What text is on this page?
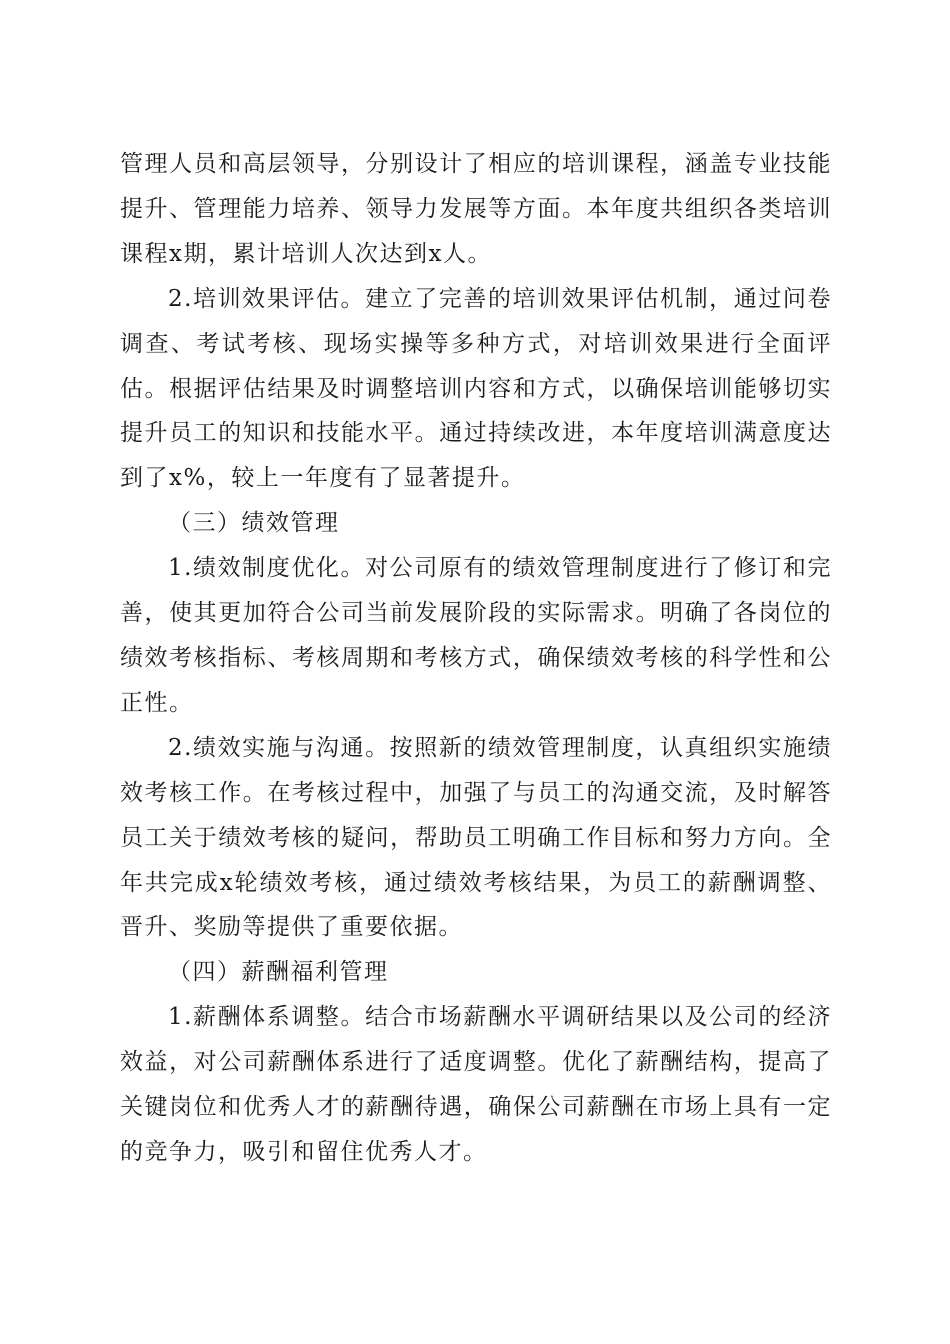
管理人员和高层领导，分别设计了相应的培训课程，涵盖专业技能提升、管理能力培养、领导力发展等方面。本年度共组织各类培训课程x期，累计培训人次达到x人。

2.培训效果评估。建立了完善的培训效果评估机制，通过问卷调查、考试考核、现场实操等多种方式，对培训效果进行全面评估。根据评估结果及时调整培训内容和方式，以确保培训能够切实提升员工的知识和技能水平。通过持续改进，本年度培训满意度达到了x%，较上一年度有了显著提升。

（三）绩效管理

1.绩效制度优化。对公司原有的绩效管理制度进行了修订和完善，使其更加符合公司当前发展阶段的实际需求。明确了各岗位的绩效考核指标、考核周期和考核方式，确保绩效考核的科学性和公正性。

2.绩效实施与沟通。按照新的绩效管理制度，认真组织实施绩效考核工作。在考核过程中，加强了与员工的沟通交流，及时解答员工关于绩效考核的疑问，帮助员工明确工作目标和努力方向。全年共完成x轮绩效考核，通过绩效考核结果，为员工的薪酬调整、晋升、奖励等提供了重要依据。

（四）薪酬福利管理

1.薪酬体系调整。结合市场薪酬水平调研结果以及公司的经济效益，对公司薪酬体系进行了适度调整。优化了薪酬结构，提高了关键岗位和优秀人才的薪酬待遇，确保公司薪酬在市场上具有一定的竞争力，吸引和留住优秀人才。
